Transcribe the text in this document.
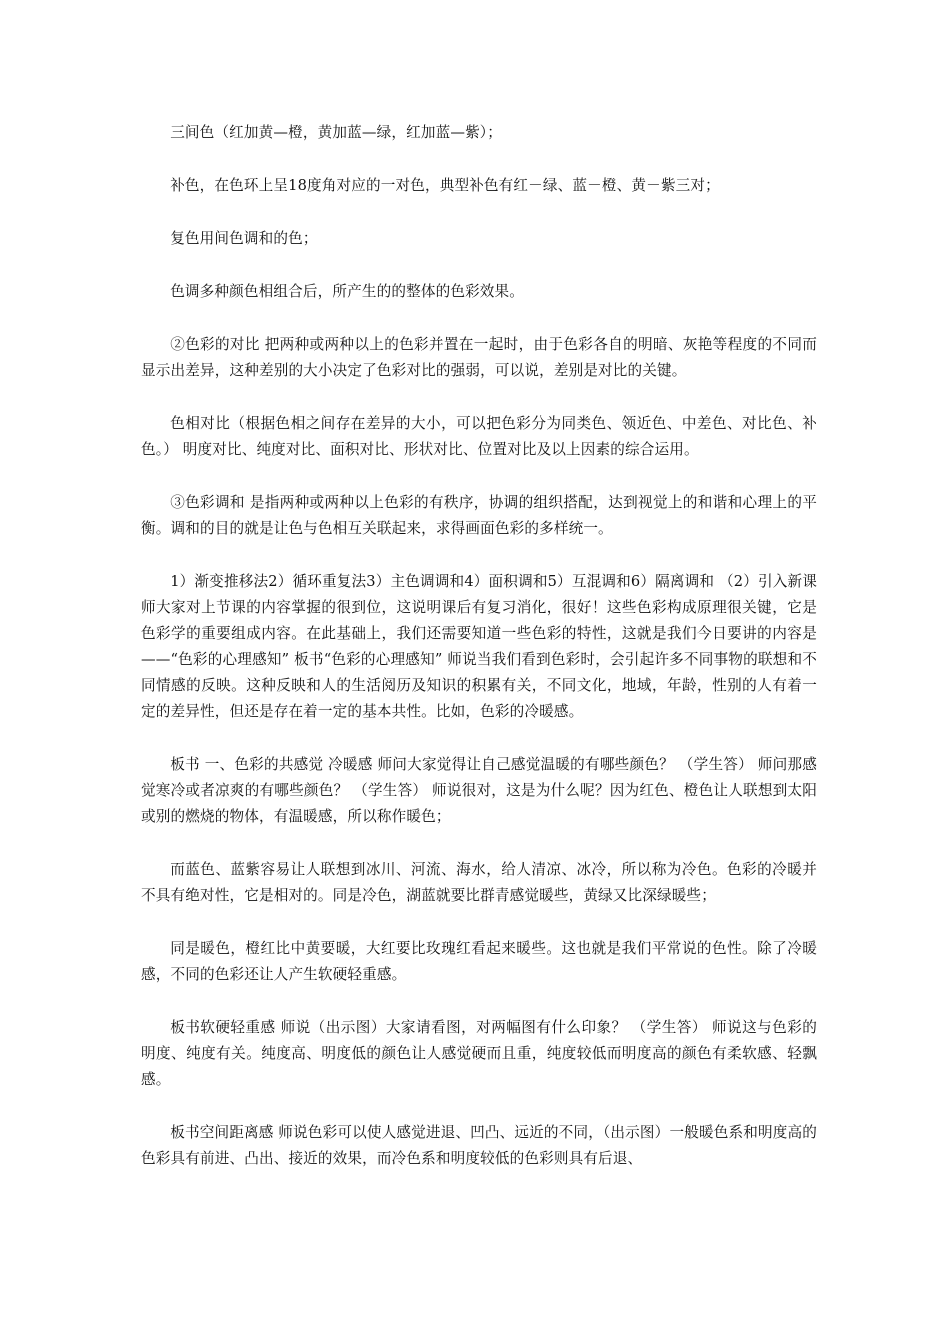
三间色（红加黄—橙，黄加蓝—绿，红加蓝—紫）；

补色，在色环上呈18度角对应的一对色，典型补色有红－绿、蓝－橙、黄－紫三对；

复色用间色调和的色；

色调多种颜色相组合后，所产生的的整体的色彩效果。

②色彩的对比 把两种或两种以上的色彩并置在一起时，由于色彩各自的明暗、灰艳等程度的不同而显示出差异，这种差别的大小决定了色彩对比的强弱，可以说，差别是对比的关键。

色相对比（根据色相之间存在差异的大小，可以把色彩分为同类色、领近色、中差色、对比色、补色。） 明度对比、纯度对比、面积对比、形状对比、位置对比及以上因素的综合运用。

③色彩调和 是指两种或两种以上色彩的有秩序，协调的组织搭配，达到视觉上的和谐和心理上的平衡。调和的目的就是让色与色相互关联起来，求得画面色彩的多样统一。

1）渐变推移法2）循环重复法3）主色调调和4）面积调和5）互混调和6）隔离调和 （2）引入新课 师大家对上节课的内容掌握的很到位，这说明课后有复习消化，很好！这些色彩构成原理很关键，它是色彩学的重要组成内容。在此基础上，我们还需要知道一些色彩的特性，这就是我们今日要讲的内容是——“色彩的心理感知” 板书“色彩的心理感知” 师说当我们看到色彩时，会引起许多不同事物的联想和不同情感的反映。这种反映和人的生活阅历及知识的积累有关，不同文化，地域，年龄，性别的人有着一定的差异性，但还是存在着一定的基本共性。比如，色彩的冷暖感。

板书 一、色彩的共感觉 冷暖感 师问大家觉得让自己感觉温暖的有哪些颜色？ （学生答） 师问那感觉寒冷或者凉爽的有哪些颜色？ （学生答） 师说很对，这是为什么呢？因为红色、橙色让人联想到太阳或别的燃烧的物体，有温暖感，所以称作暖色；

而蓝色、蓝紫容易让人联想到冰川、河流、海水，给人清凉、冰冷，所以称为冷色。色彩的冷暖并不具有绝对性，它是相对的。同是冷色，湖蓝就要比群青感觉暖些，黄绿又比深绿暖些；

同是暖色，橙红比中黄要暖，大红要比玫瑰红看起来暖些。这也就是我们平常说的色性。除了冷暖感，不同的色彩还让人产生软硬轻重感。

板书软硬轻重感 师说（出示图）大家请看图，对两幅图有什么印象？ （学生答） 师说这与色彩的明度、纯度有关。纯度高、明度低的颜色让人感觉硬而且重，纯度较低而明度高的颜色有柔软感、轻飘感。

板书空间距离感 师说色彩可以使人感觉进退、凹凸、远近的不同，（出示图）一般暖色系和明度高的色彩具有前进、凸出、接近的效果，而冷色系和明度较低的色彩则具有后退、
